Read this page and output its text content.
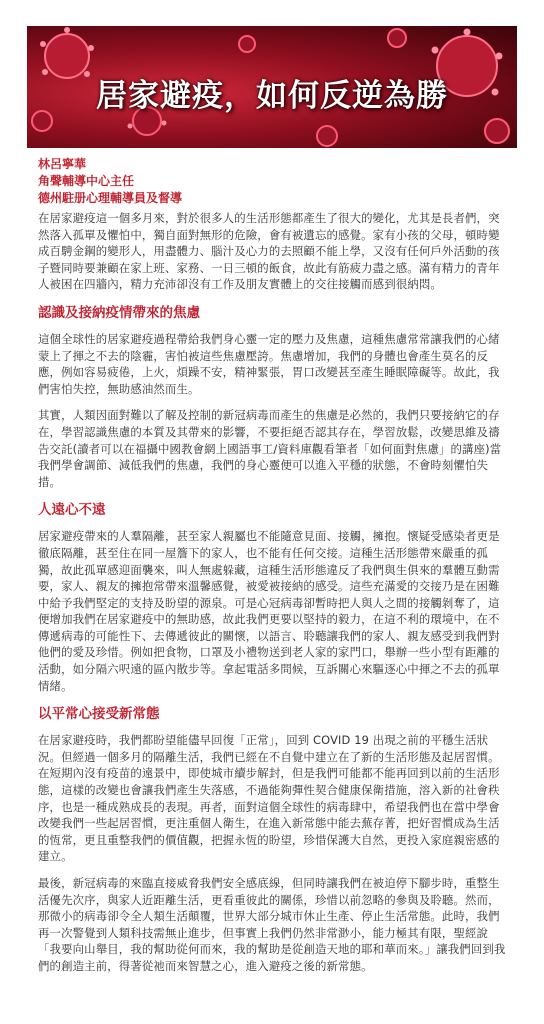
居家避疫，如何反逆為勝
林呂寧華
角聲輔導中心主任
德州駐册心理輔導員及督導

在居家避疫這一個多月來，對於很多人的生活形態都產生了很大的變化，尤其是長者們，突然落入孤單及懼怕中，獨自面對無形的危險，會有被遺忘的感覺。家有小孩的父母，頓時變成百騁金鋼的變形人，用盡體力、腦汁及心力的去照顧不能上學，又沒有任何戶外活動的孩子暨同時要兼顧在家上班、家務、一日三頓的飯食，故此有筋疲力盡之感。滿有精力的青年人被困在四牆內，精力充沛卻沒有工作及朋友實體上的交往接觸而感到很納悶。

認識及接納疫情帶來的焦慮

這個全球性的居家避疫過程帶給我們身心靈一定的壓力及焦慮，這種焦慮常常讓我們的心緒蒙上了揮之不去的陰霾，害怕被這些焦慮壓誇。焦慮增加，我們的身體也會產生莫名的反應，例如容易疲倦，上火，煩躁不安，精神緊張，胃口改變甚至產生睡眠障礙等。故此，我們害怕失控，無助感油然而生。

其實，人類因面對難以了解及控制的新冠病毒而產生的焦慮是必然的，我們只要接納它的存在，學習認識焦慮的本質及其帶來的影響，不要拒絕否認其存在，學習放鬆，改變思維及禱告交託(讀者可以在福攝中國教會網上國語事工/資料庫觀看筆者「如何面對焦慮」的講座)當我們學會調節、減低我們的焦慮，我們的身心靈便可以進入平穩的狀態，不會時刻懼怕失措。

人遠心不遠

居家避疫帶來的人羣隔離，甚至家人親屬也不能隨意見面、接觸，擁抱。懷疑受感染者更是徹底隔離，甚至住在同一屋簷下的家人，也不能有任何交接。這種生活形態帶來嚴重的孤獨，故此孤單感迎面襲來，叫人無處躲藏，這種生活形態違反了我們與生俱來的羣體互動需要，家人、親友的擁抱常帶來溫馨感覺，被愛被接納的感受。這些充滿愛的交接乃是在困難中給予我們堅定的支持及盼望的源泉。可是心冠病毒卻暫時把人與人之間的接觸剝奪了，這便增加我們在居家避疫中的無助感，故此我們更要以堅持的毅力，在這不利的環境中，在不傳遞病毒的可能性下、去傳遞彼此的關懷，以語言、聆聽讓我們的家人、親友感受到我們對他們的愛及珍惜。例如把食物，口罩及小禮物送到老人家的家門口，舉辦一些小型有距離的活動，如分隔六呎遠的區內散步等。拿起電話多問候，互訴關心來驅逐心中揮之不去的孤單情緒。

以平常心接受新常態

在居家避疫時，我們都盼望能儘早回復「正常」，回到 COVID 19 出現之前的平穩生活狀況。但經過一個多月的隔離生活，我們已經在不自覺中建立在了新的生活形態及起居習慣。在短期內沒有疫苗的遠景中，即使城市續步解封，但是我們可能都不能再回到以前的生活形態，這樣的改變也會讓我們產生失落感，不過能夠彈性契合健康保衛措施，溶入新的社會秩序，也是一種成熟成長的表現。再者，面對這個全球性的病毒肆中，希望我們也在當中學會改變我們一些起居習慣，更注重個人衛生，在進入新常態中能去蕪存菁，把好習慣成為生活的恆常，更且重整我們的價值觀，把握永恆的盼望，珍惜保護大自然，更投入家庭親密感的建立。

最後，新冠病毒的來臨直接威脅我們安全感底線，但同時讓我們在被迫停下腳步時，重整生活優先次序，與家人近距離生活，更看重彼此的關係，珍惜以前忽略的參與及聆聽。然而，那微小的病毒卻令全人類生活顛覆，世界大部分城市休止生產、停止生活常態。此時，我們再一次警覺到人類科技需無止進步，但事實上我們仍然非常渺小，能力極其有限，聖經說「我要向山舉目，我的幫助從何而來，我的幫助是從創造天地的耶和華而來。」讓我們回到我們的創造主前，得著從祂而來智慧之心，進入避疫之後的新常態。
